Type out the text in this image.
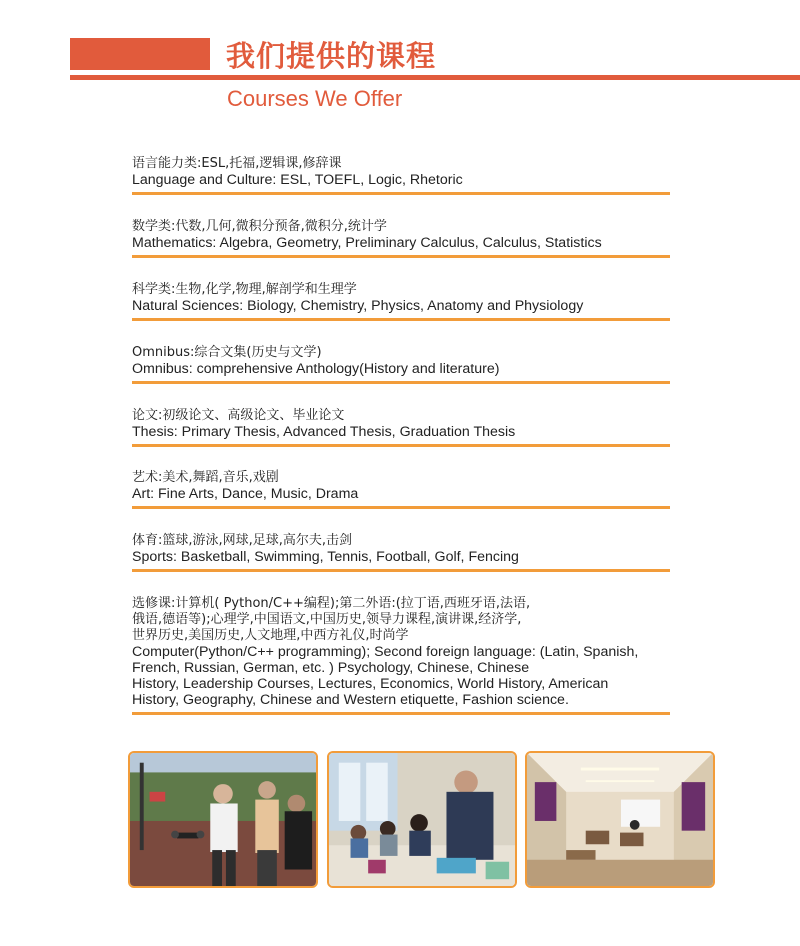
我们提供的课程
Courses We Offer
语言能力类:ESL,托福,逻辑课,修辞课
Language and Culture: ESL, TOEFL, Logic, Rhetoric
数学类:代数,几何,微积分预备,微积分,统计学
Mathematics: Algebra, Geometry, Preliminary Calculus, Calculus, Statistics
科学类:生物,化学,物理,解剖学和生理学
Natural Sciences: Biology, Chemistry, Physics, Anatomy and Physiology
Omnibus:综合文集(历史与文学)
Omnibus: comprehensive Anthology(History and literature)
论文:初级论文、高级论文、毕业论文
Thesis: Primary Thesis, Advanced Thesis, Graduation Thesis
艺术:美术,舞蹈,音乐,戏剧
Art: Fine Arts, Dance, Music, Drama
体育:篮球,游泳,网球,足球,高尔夫,击剑
Sports: Basketball, Swimming, Tennis, Football, Golf, Fencing
选修课:计算机( Python/C++编程);第二外语:(拉丁语,西班牙语,法语,
俄语,德语等);心理学,中国语文,中国历史,领导力课程,演讲课,经济学,
世界历史,美国历史,人文地理,中西方礼仪,时尚学
Computer(Python/C++ programming); Second foreign language: (Latin, Spanish,
French, Russian, German, etc. ) Psychology, Chinese, Chinese
History, Leadership Courses, Lectures, Economics, World History, American
History, Geography, Chinese and Western etiquette, Fashion science.
